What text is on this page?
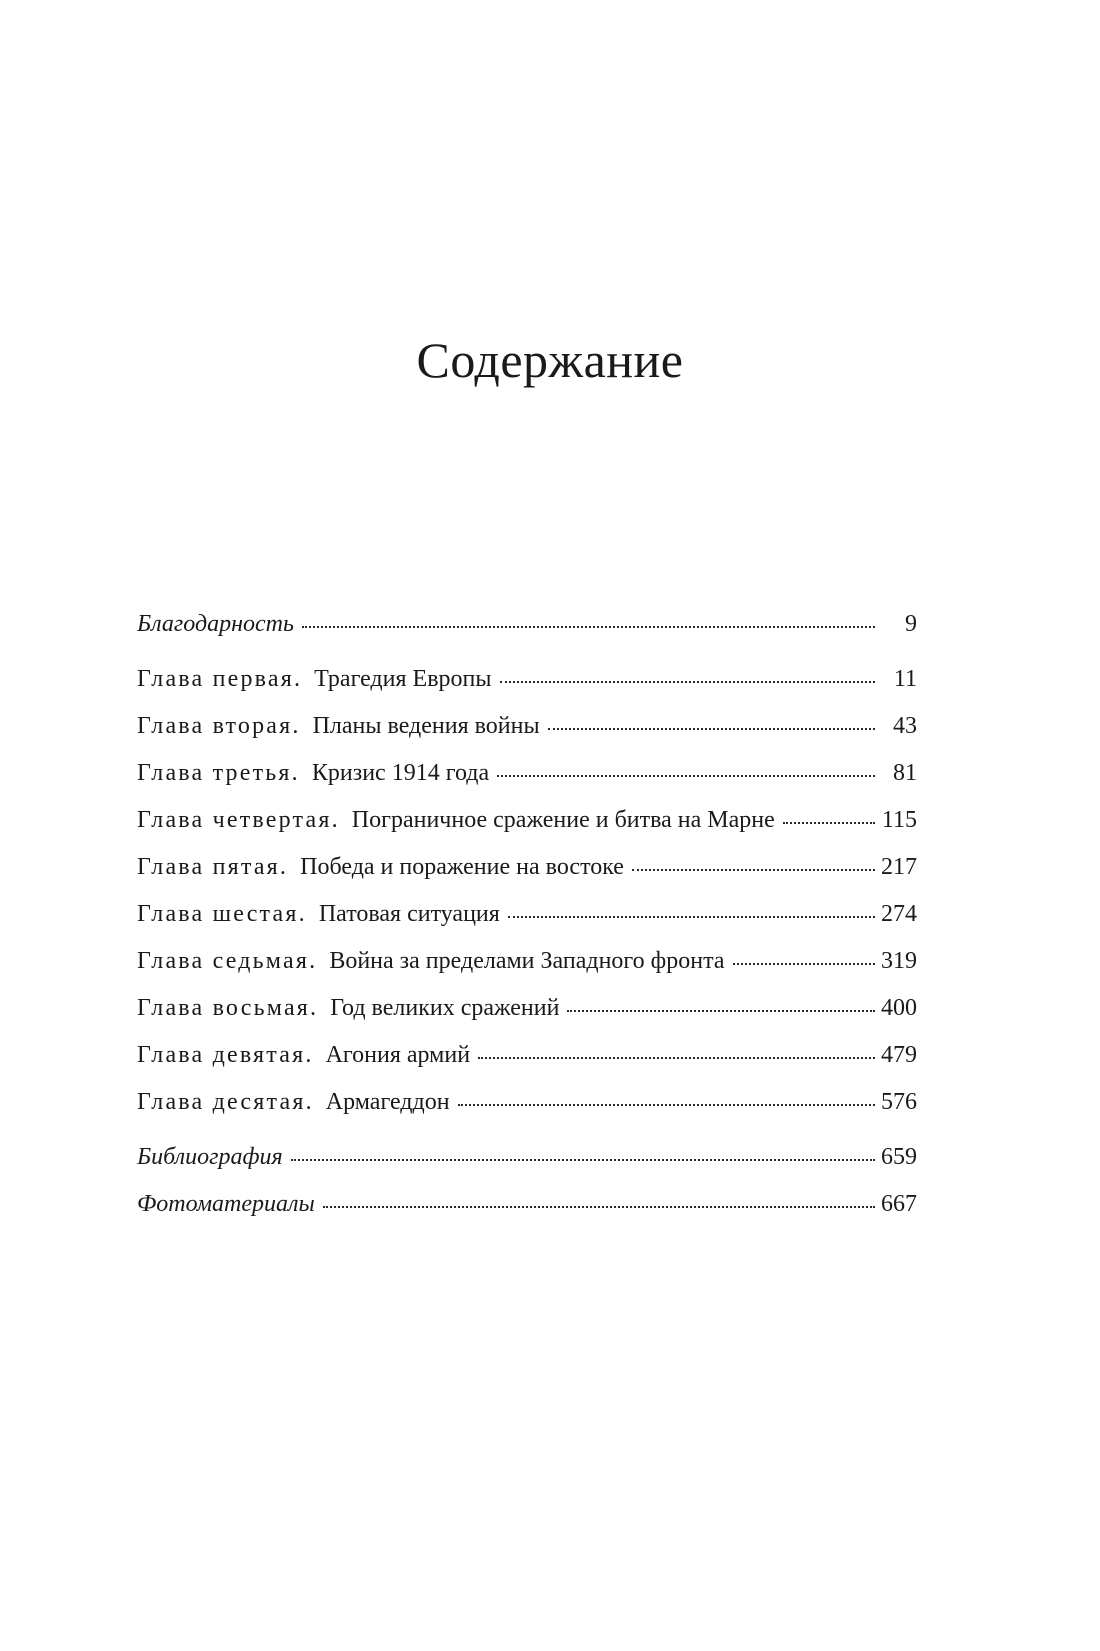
Содержание
Благодарность	9
Глава первая. Трагедия Европы	11
Глава вторая. Планы ведения войны	43
Глава третья. Кризис 1914 года	81
Глава четвертая. Пограничное сражение и битва на Марне	115
Глава пятая. Победа и поражение на востоке	217
Глава шестая. Патовая ситуация	274
Глава седьмая. Война за пределами Западного фронта	319
Глава восьмая. Год великих сражений	400
Глава девятая. Агония армий	479
Глава десятая. Армагеддон	576
Библиография	659
Фотоматериалы	667
